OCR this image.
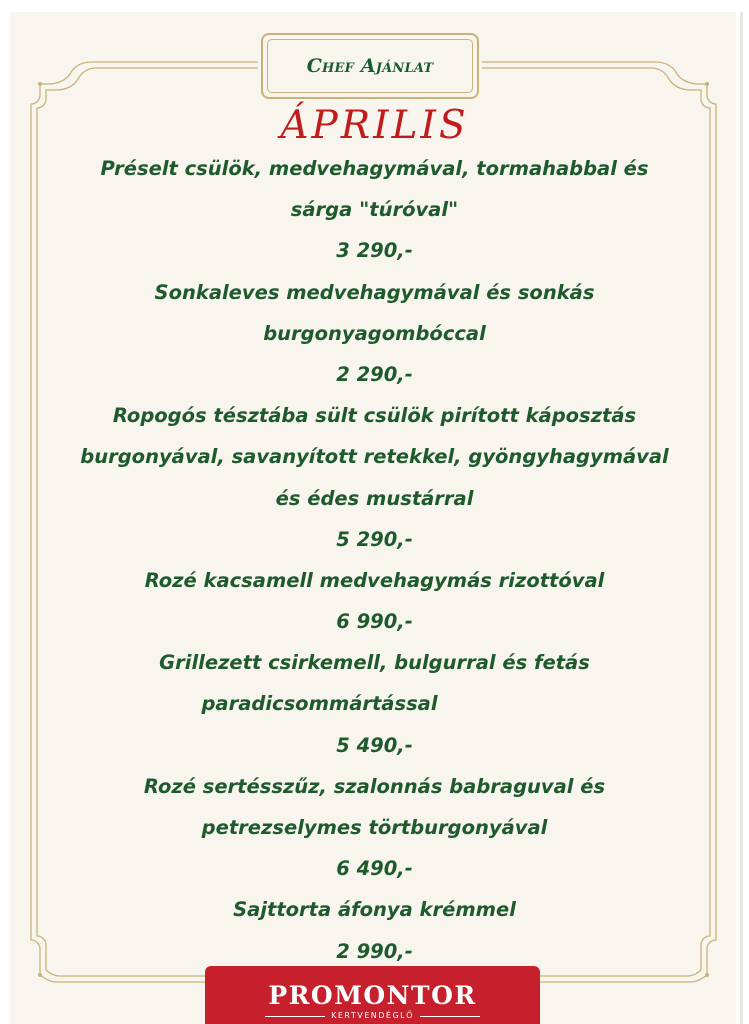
Chef Ajánlat
ÁPRILIS
Préselt csülök, medvehagymával, tormahabbal és
sárga "túróval"
3 290,-
Sonkaleves medvehagymával és sonkás
burgonyagombóccal
2 290,-
Ropogós tésztába sült csülök pirított káposztás
burgonyával, savanyított retekkel, gyöngyhagymával
és édes mustárral
5 290,-
Rozé kacsamell medvehagymás rizottóval
6 990,-
Grillezett csirkemell, bulgurral és fetás
paradicsommártással
5 490,-
Rozé sertésszűz, szalonnás babraguval és
petrezselymes törtburgonyával
6 490,-
Sajttorta áfonya krémmel
2 990,-
PROMONTOR
KERTVENDÉGLŐ
